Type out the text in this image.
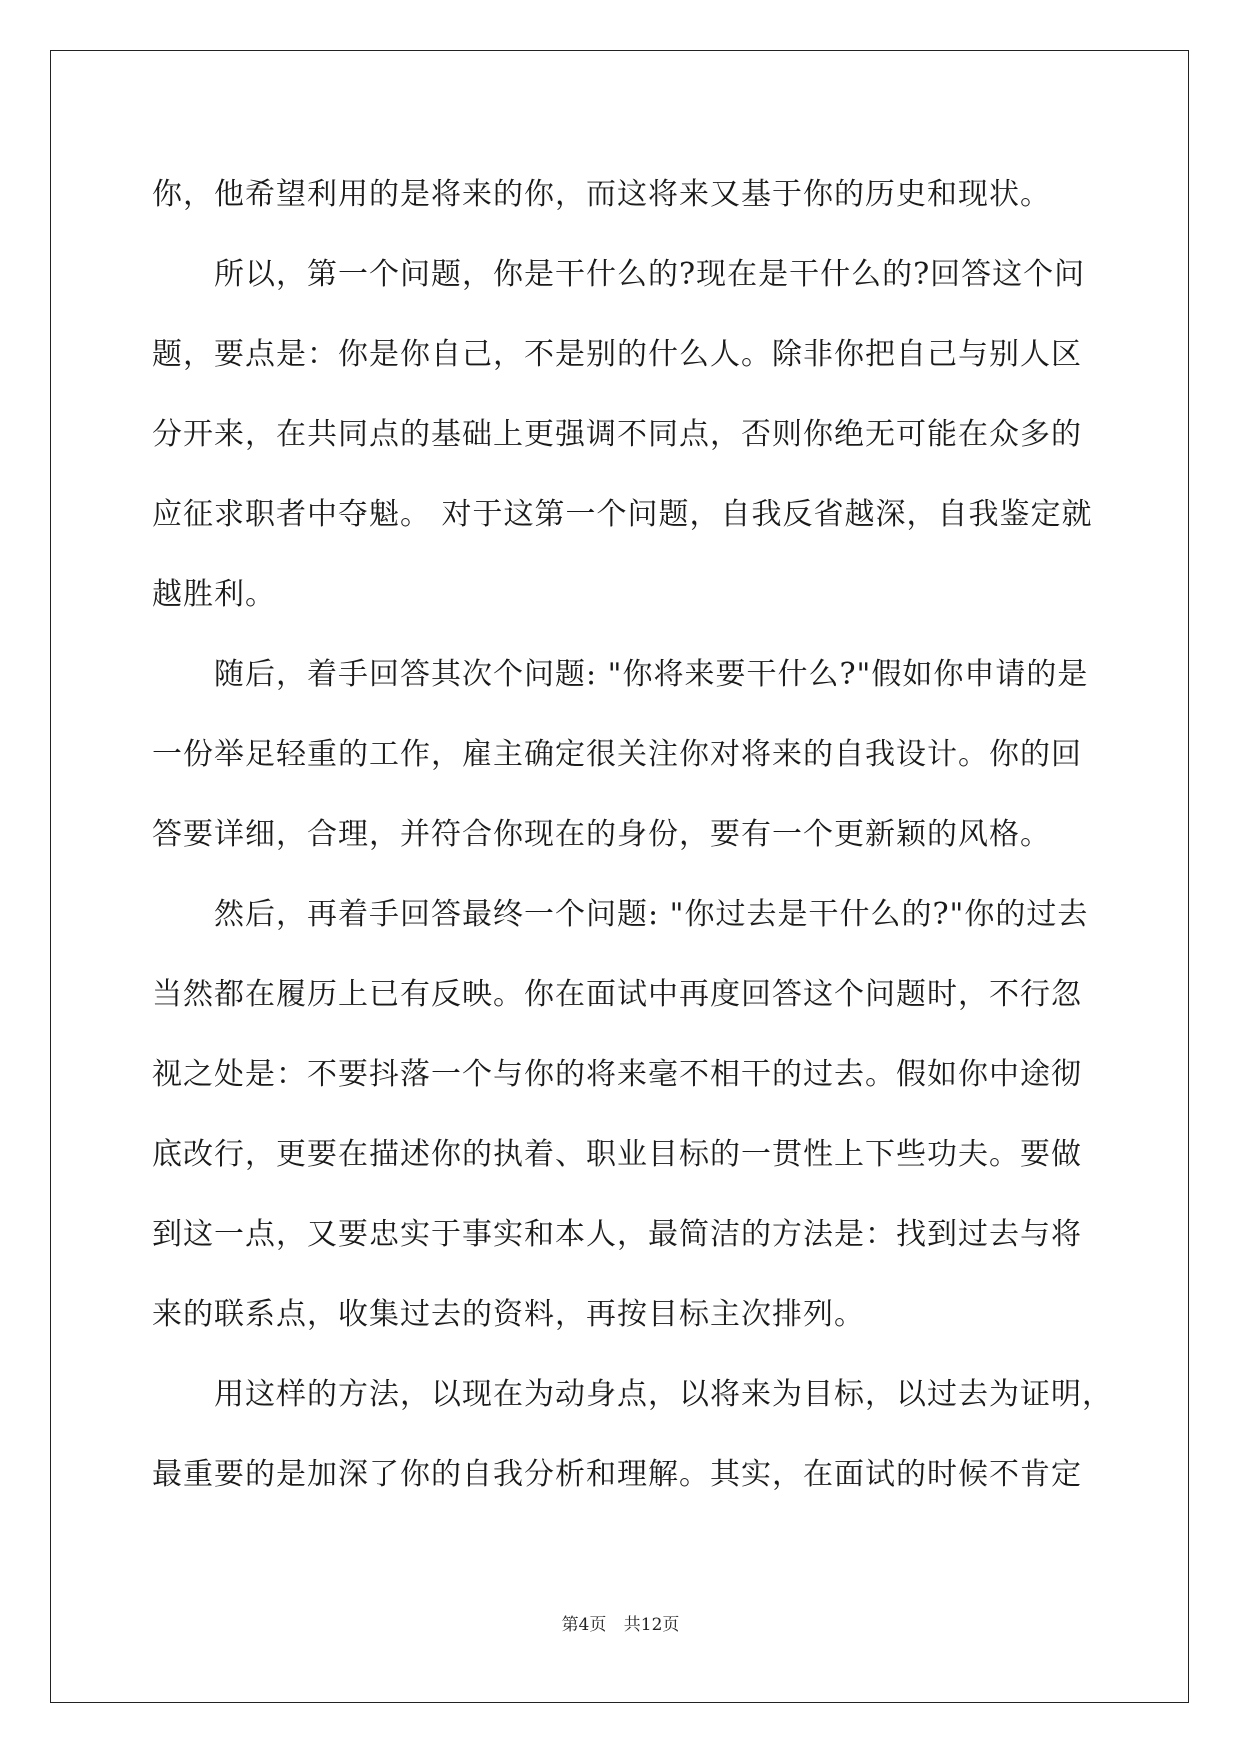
你，他希望利用的是将来的你，而这将来又基于你的历史和现状。
所以，第一个问题，你是干什么的?现在是干什么的?回答这个问
题，要点是：你是你自己，不是别的什么人。除非你把自己与别人区
分开来，在共同点的基础上更强调不同点，否则你绝无可能在众多的
应征求职者中夺魁。 对于这第一个问题，自我反省越深，自我鉴定就
越胜利。
随后，着手回答其次个问题: "你将来要干什么?"假如你申请的是
一份举足轻重的工作，雇主确定很关注你对将来的自我设计。你的回
答要详细，合理，并符合你现在的身份，要有一个更新颖的风格。
然后，再着手回答最终一个问题: "你过去是干什么的?"你的过去
当然都在履历上已有反映。你在面试中再度回答这个问题时，不行忽
视之处是：不要抖落一个与你的将来毫不相干的过去。假如你中途彻
底改行，更要在描述你的执着、职业目标的一贯性上下些功夫。要做
到这一点，又要忠实于事实和本人，最简洁的方法是：找到过去与将
来的联系点，收集过去的资料，再按目标主次排列。
用这样的方法，以现在为动身点，以将来为目标，以过去为证明，
最重要的是加深了你的自我分析和理解。其实，在面试的时候不肯定
第4页 共12页
